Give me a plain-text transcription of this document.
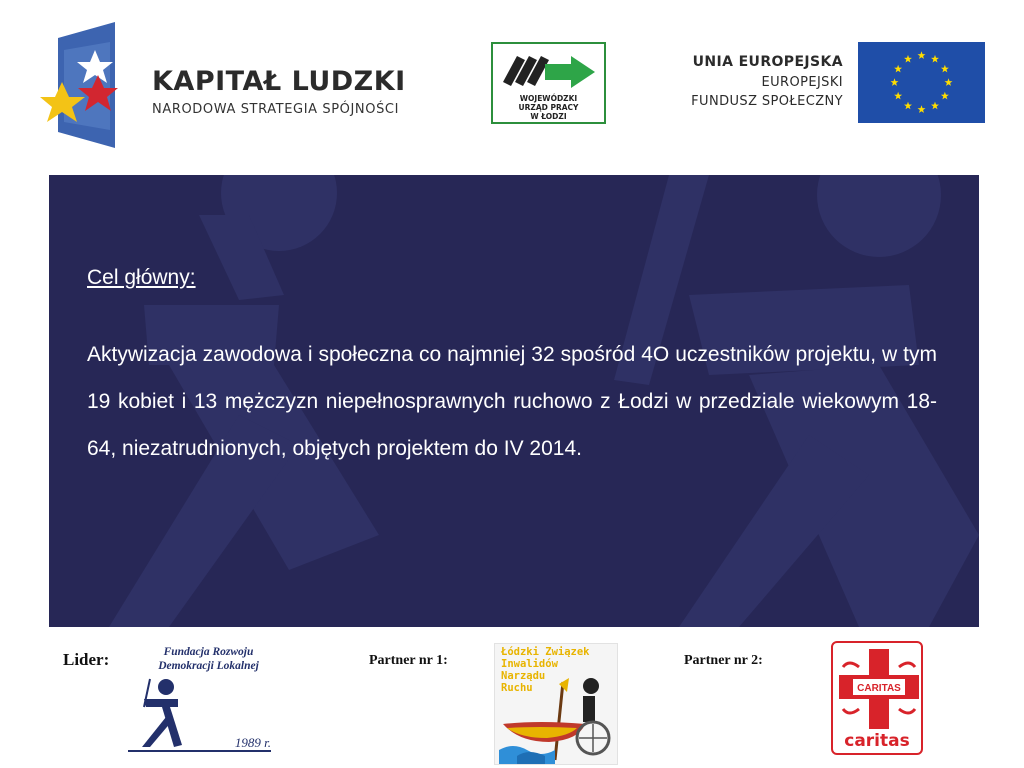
KAPITAŁ LUDZKI
NARODOWA STRATEGIA SPÓJNOŚCI
WOJEWÓDZKI
URZĄD PRACY
W ŁODZI
UNIA EUROPEJSKA
EUROPEJSKI
FUNDUSZ SPOŁECZNY
Cel główny:

Aktywizacja zawodowa i społeczna co najmniej 32 spośród 4O uczestników projektu, w tym 19 kobiet i 13 mężczyzn niepełnosprawnych ruchowo z Łodzi w przedziale wiekowym 18-64, niezatrudnionych, objętych projektem do IV 2014.

Lider:	Fundacja Rozwoju
Demokracji Lokalnej
1989 r.
Partner nr 1:
Łódzki Związek
Inwalidów
Narządu
Ruchu
Partner nr 2:
CARITAS
caritas
